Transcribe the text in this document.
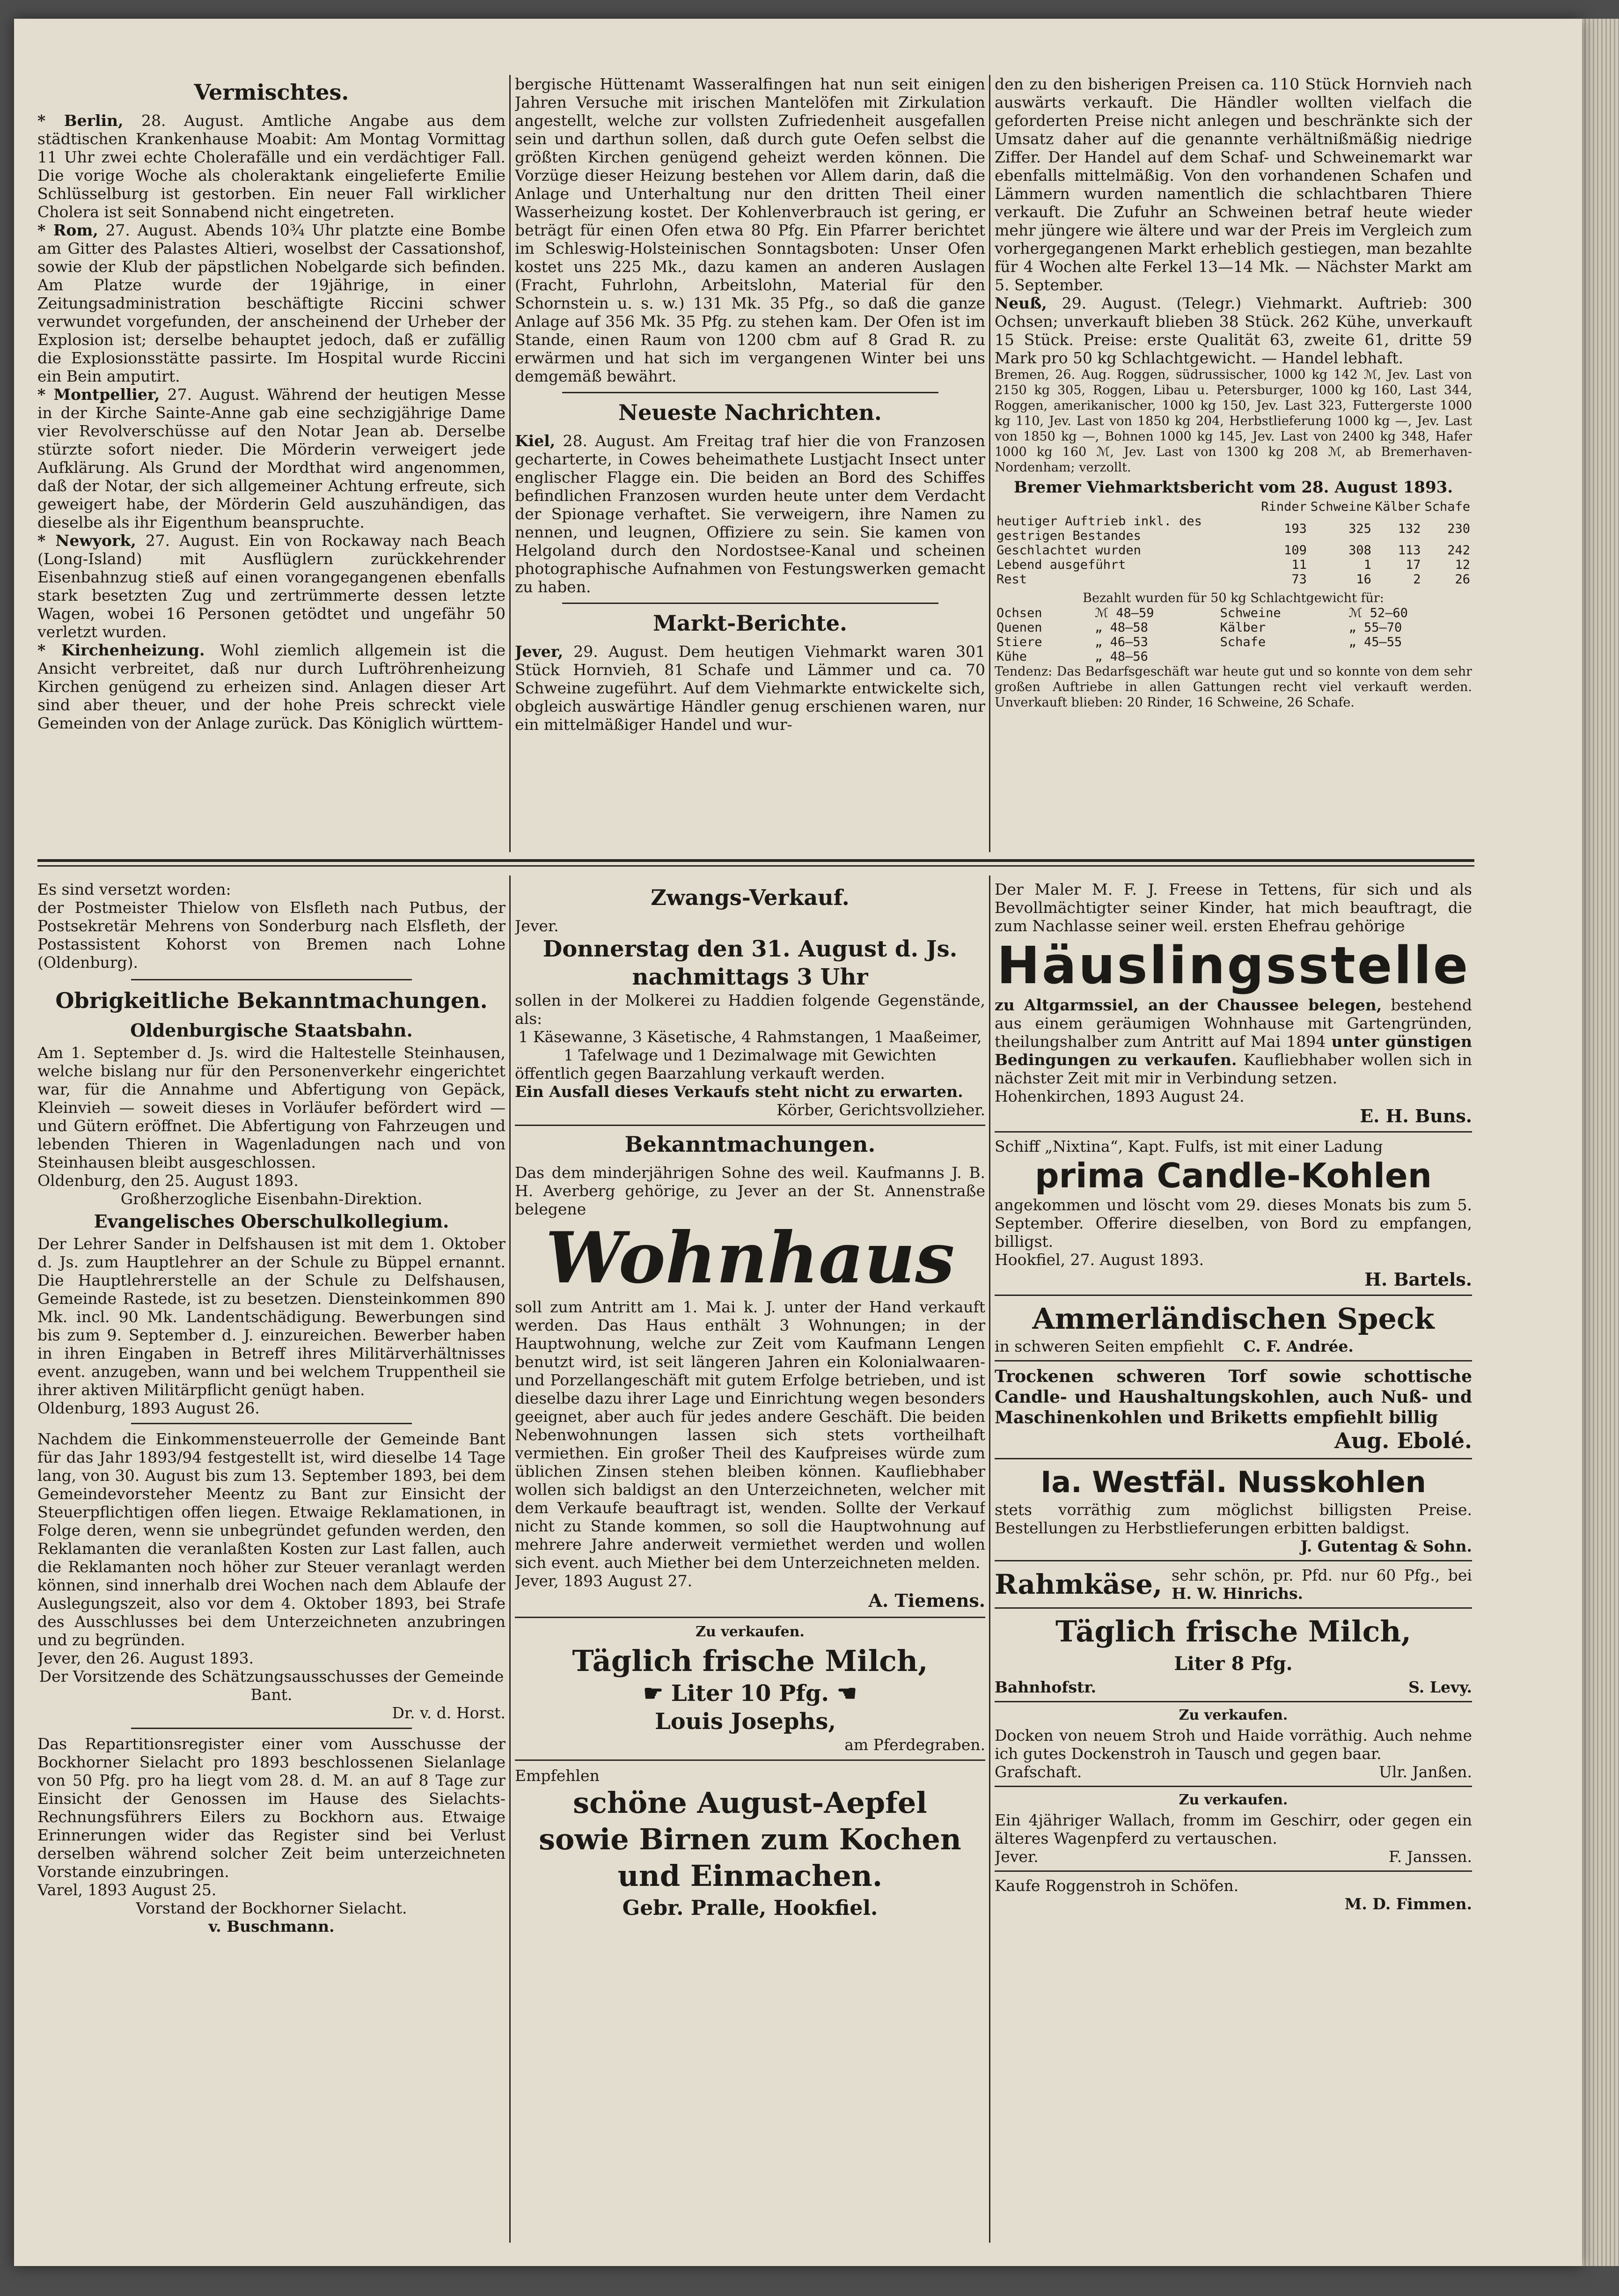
Vermischtes.

* Berlin, 28. August. Amtliche Angabe aus dem städtischen Krankenhause Moabit: Am Montag Vormittag 11 Uhr zwei echte Cholerafälle und ein verdächtiger Fall. Die vorige Woche als choleraktank eingelieferte Emilie Schlüsselburg ist gestorben. Ein neuer Fall wirklicher Cholera ist seit Sonnabend nicht eingetreten.

* Rom, 27. August. Abends 10¾ Uhr platzte eine Bombe am Gitter des Palastes Altieri, woselbst der Cassationshof, sowie der Klub der päpstlichen Nobelgarde sich befinden. Am Platze wurde der 19jährige, in einer Zeitungsadministration beschäftigte Riccini schwer verwundet vorgefunden, der anscheinend der Urheber der Explosion ist; derselbe behauptet jedoch, daß er zufällig die Explosionsstätte passirte. Im Hospital wurde Riccini ein Bein amputirt.

* Montpellier, 27. August. Während der heutigen Messe in der Kirche Sainte-Anne gab eine sechzigjährige Dame vier Revolverschüsse auf den Notar Jean ab. Derselbe stürzte sofort nieder. Die Mörderin verweigert jede Aufklärung. Als Grund der Mordthat wird angenommen, daß der Notar, der sich allgemeiner Achtung erfreute, sich geweigert habe, der Mörderin Geld auszuhändigen, das dieselbe als ihr Eigenthum beanspruchte.

* Newyork, 27. August. Ein von Rockaway nach Beach (Long-Island) mit Ausflüglern zurückkehrender Eisenbahnzug stieß auf einen vorangegangenen ebenfalls stark besetzten Zug und zertrümmerte dessen letzte Wagen, wobei 16 Personen getödtet und ungefähr 50 verletzt wurden.

* Kirchenheizung. Wohl ziemlich allgemein ist die Ansicht verbreitet, daß nur durch Luftröhrenheizung Kirchen genügend zu erheizen sind. Anlagen dieser Art sind aber theuer, und der hohe Preis schreckt viele Gemeinden von der Anlage zurück. Das Königlich württem-

bergische Hüttenamt Wasseralfingen hat nun seit einigen Jahren Versuche mit irischen Mantelöfen mit Zirkulation angestellt, welche zur vollsten Zufriedenheit ausgefallen sein und darthun sollen, daß durch gute Oefen selbst die größten Kirchen genügend geheizt werden können. Die Vorzüge dieser Heizung bestehen vor Allem darin, daß die Anlage und Unterhaltung nur den dritten Theil einer Wasserheizung kostet. Der Kohlenverbrauch ist gering, er beträgt für einen Ofen etwa 80 Pfg. Ein Pfarrer berichtet im Schleswig-Holsteinischen Sonntagsboten: Unser Ofen kostet uns 225 Mk., dazu kamen an anderen Auslagen (Fracht, Fuhrlohn, Arbeitslohn, Material für den Schornstein u. s. w.) 131 Mk. 35 Pfg., so daß die ganze Anlage auf 356 Mk. 35 Pfg. zu stehen kam. Der Ofen ist im Stande, einen Raum von 1200 cbm auf 8 Grad R. zu erwärmen und hat sich im vergangenen Winter bei uns demgemäß bewährt.

Neueste Nachrichten.

Kiel, 28. August. Am Freitag traf hier die von Franzosen gecharterte, in Cowes beheimathete Lustjacht Insect unter englischer Flagge ein. Die beiden an Bord des Schiffes befindlichen Franzosen wurden heute unter dem Verdacht der Spionage verhaftet. Sie verweigern, ihre Namen zu nennen, und leugnen, Offiziere zu sein. Sie kamen von Helgoland durch den Nordostsee-Kanal und scheinen photographische Aufnahmen von Festungswerken gemacht zu haben.

Markt-Berichte.

Jever, 29. August. Dem heutigen Viehmarkt waren 301 Stück Hornvieh, 81 Schafe und Lämmer und ca. 70 Schweine zugeführt. Auf dem Viehmarkte entwickelte sich, obgleich auswärtige Händler genug erschienen waren, nur ein mittelmäßiger Handel und wur-

den zu den bisherigen Preisen ca. 110 Stück Hornvieh nach auswärts verkauft. Die Händler wollten vielfach die geforderten Preise nicht anlegen und beschränkte sich der Umsatz daher auf die genannte verhältnißmäßig niedrige Ziffer. Der Handel auf dem Schaf- und Schweinemarkt war ebenfalls mittelmäßig. Von den vorhandenen Schafen und Lämmern wurden namentlich die schlachtbaren Thiere verkauft. Die Zufuhr an Schweinen betraf heute wieder mehr jüngere wie ältere und war der Preis im Vergleich zum vorhergegangenen Markt erheblich gestiegen, man bezahlte für 4 Wochen alte Ferkel 13—14 Mk. — Nächster Markt am 5. September.

Neuß, 29. August. (Telegr.) Viehmarkt. Auftrieb: 300 Ochsen; unverkauft blieben 38 Stück. 262 Kühe, unverkauft 15 Stück. Preise: erste Qualität 63, zweite 61, dritte 59 Mark pro 50 kg Schlachtgewicht. — Handel lebhaft.

Bremen, 26. Aug. Roggen, südrussischer, 1000 kg 142 ℳ, Jev. Last von 2150 kg 305, Roggen, Libau u. Petersburger, 1000 kg 160, Last 344, Roggen, amerikanischer, 1000 kg 150, Jev. Last 323, Futtergerste 1000 kg 110, Jev. Last von 1850 kg 204, Herbstlieferung 1000 kg —, Jev. Last von 1850 kg —, Bohnen 1000 kg 145, Jev. Last von 2400 kg 348, Hafer 1000 kg 160 ℳ, Jev. Last von 1300 kg 208 ℳ, ab Bremerhaven-Nordenham; verzollt.

Bremer Viehmarktsbericht vom 28. August 1893.
	Rinder	Schweine	Kälber	Schafe
heutiger Auftrieb inkl. des gestrigen Bestandes	193	325	132	230
Geschlachtet wurden	109	308	113	242
Lebend ausgeführt	11	1	17	12
Rest	73	16	2	26

Bezahlt wurden für 50 kg Schlachtgewicht für:

Ochsen	ℳ 48—59	Schweine	ℳ 52—60
Quenen	„ 48—58	Kälber	„ 55—70
Stiere	„ 46—53	Schafe	„ 45—55
Kühe	„ 48—56		

Tendenz: Das Bedarfsgeschäft war heute gut und so konnte von dem sehr großen Auftriebe in allen Gattungen recht viel verkauft werden. Unverkauft blieben: 20 Rinder, 16 Schweine, 26 Schafe.

Es sind versetzt worden:

der Postmeister Thielow von Elsfleth nach Putbus, der Postsekretär Mehrens von Sonderburg nach Elsfleth, der Postassistent Kohorst von Bremen nach Lohne (Oldenburg).

Obrigkeitliche Bekanntmachungen.
Oldenburgische Staatsbahn.

Am 1. September d. Js. wird die Haltestelle Steinhausen, welche bislang nur für den Personenverkehr eingerichtet war, für die Annahme und Abfertigung von Gepäck, Kleinvieh — soweit dieses in Vorläufer befördert wird — und Gütern eröffnet. Die Abfertigung von Fahrzeugen und lebenden Thieren in Wagenladungen nach und von Steinhausen bleibt ausgeschlossen.

Oldenburg, den 25. August 1893.

Großherzogliche Eisenbahn-Direktion.

Evangelisches Oberschulkollegium.

Der Lehrer Sander in Delfshausen ist mit dem 1. Oktober d. Js. zum Hauptlehrer an der Schule zu Büppel ernannt. Die Hauptlehrerstelle an der Schule zu Delfshausen, Gemeinde Rastede, ist zu besetzen. Diensteinkommen 890 Mk. incl. 90 Mk. Landentschädigung. Bewerbungen sind bis zum 9. September d. J. einzureichen. Bewerber haben in ihren Eingaben in Betreff ihres Militärverhältnisses event. anzugeben, wann und bei welchem Truppentheil sie ihrer aktiven Militärpflicht genügt haben.

Oldenburg, 1893 August 26.

Nachdem die Einkommensteuerrolle der Gemeinde Bant für das Jahr 1893/94 festgestellt ist, wird dieselbe 14 Tage lang, von 30. August bis zum 13. September 1893, bei dem Gemeindevorsteher Meentz zu Bant zur Einsicht der Steuerpflichtigen offen liegen. Etwaige Reklamationen, in Folge deren, wenn sie unbegründet gefunden werden, den Reklamanten die veranlaßten Kosten zur Last fallen, auch die Reklamanten noch höher zur Steuer veranlagt werden können, sind innerhalb drei Wochen nach dem Ablaufe der Auslegungszeit, also vor dem 4. Oktober 1893, bei Strafe des Ausschlusses bei dem Unterzeichneten anzubringen und zu begründen.

Jever, den 26. August 1893.

Der Vorsitzende des Schätzungsausschusses der Gemeinde Bant.

Dr. v. d. Horst.

Das Repartitionsregister einer vom Ausschusse der Bockhorner Sielacht pro 1893 beschlossenen Sielanlage von 50 Pfg. pro ha liegt vom 28. d. M. an auf 8 Tage zur Einsicht der Genossen im Hause des Sielachts-Rechnungsführers Eilers zu Bockhorn aus. Etwaige Erinnerungen wider das Register sind bei Verlust derselben während solcher Zeit beim unterzeichneten Vorstande einzubringen.

Varel, 1893 August 25.

Vorstand der Bockhorner Sielacht.

v. Buschmann.

Zwangs-Verkauf.

Jever.

Donnerstag den 31. August d. Js.
nachmittags 3 Uhr

sollen in der Molkerei zu Haddien folgende Gegenstände, als:

1 Käsewanne, 3 Käsetische, 4 Rahmstangen, 1 Maaßeimer, 1 Tafelwage und 1 Dezimalwage mit Gewichten

öffentlich gegen Baarzahlung verkauft werden.

Ein Ausfall dieses Verkaufs steht nicht zu erwarten.

Körber, Gerichtsvollzieher.

Bekanntmachungen.

Das dem minderjährigen Sohne des weil. Kaufmanns J. B. H. Averberg gehörige, zu Jever an der St. Annenstraße belegene

Wohnhaus

soll zum Antritt am 1. Mai k. J. unter der Hand verkauft werden. Das Haus enthält 3 Wohnungen; in der Hauptwohnung, welche zur Zeit vom Kaufmann Lengen benutzt wird, ist seit längeren Jahren ein Kolonialwaaren- und Porzellangeschäft mit gutem Erfolge betrieben, und ist dieselbe dazu ihrer Lage und Einrichtung wegen besonders geeignet, aber auch für jedes andere Geschäft. Die beiden Nebenwohnungen lassen sich stets vortheilhaft vermiethen. Ein großer Theil des Kaufpreises würde zum üblichen Zinsen stehen bleiben können. Kaufliebhaber wollen sich baldigst an den Unterzeichneten, welcher mit dem Verkaufe beauftragt ist, wenden. Sollte der Verkauf nicht zu Stande kommen, so soll die Hauptwohnung auf mehrere Jahre anderweit vermiethet werden und wollen sich event. auch Miether bei dem Unterzeichneten melden.

Jever, 1893 August 27.

A. Tiemens.

Zu verkaufen.
Täglich frische Milch,
☛ Liter 10 Pfg. ☚
Louis Josephs,

am Pferdegraben.

Empfehlen

schöne August-Aepfel
sowie Birnen zum Kochen
und Einmachen.
Gebr. Pralle, Hookfiel.

Der Maler M. F. J. Freese in Tettens, für sich und als Bevollmächtigter seiner Kinder, hat mich beauftragt, die zum Nachlasse seiner weil. ersten Ehefrau gehörige

Häuslingsstelle

zu Altgarmssiel, an der Chaussee belegen, bestehend aus einem geräumigen Wohnhause mit Gartengründen, theilungshalber zum Antritt auf Mai 1894 unter günstigen Bedingungen zu verkaufen. Kaufliebhaber wollen sich in nächster Zeit mit mir in Verbindung setzen.

Hohenkirchen, 1893 August 24.

E. H. Buns.

Schiff „Nixtina“, Kapt. Fulfs, ist mit einer Ladung

prima Candle-Kohlen

angekommen und löscht vom 29. dieses Monats bis zum 5. September. Offerire dieselben, von Bord zu empfangen, billigst.

Hookfiel, 27. August 1893.

H. Bartels.

Ammerländischen Speck

in schweren Seiten empfiehlt C. F. Andrée.

Trockenen schweren Torf sowie schottische Candle- und Haushaltungskohlen, auch Nuß- und Maschinenkohlen und Briketts empfiehlt billig

Aug. Ebolé.

Ia. Westfäl. Nusskohlen

stets vorräthig zum möglichst billigsten Preise. Bestellungen zu Herbstlieferungen erbitten baldigst.

J. Gutentag & Sohn.

Rahmkäse, sehr schön, pr. Pfd. nur 60 Pfg., bei H. W. Hinrichs.
Täglich frische Milch,
Liter 8 Pfg.

Bahnhofstr.	S. Levy.

Zu verkaufen.

Docken von neuem Stroh und Haide vorräthig. Auch nehme ich gutes Dockenstroh in Tausch und gegen baar.

Grafschaft.	Ulr. Janßen.

Zu verkaufen.

Ein 4jähriger Wallach, fromm im Geschirr, oder gegen ein älteres Wagenpferd zu vertauschen.

Jever.	F. Janssen.

Kaufe Roggenstroh in Schöfen.

M. D. Fimmen.
